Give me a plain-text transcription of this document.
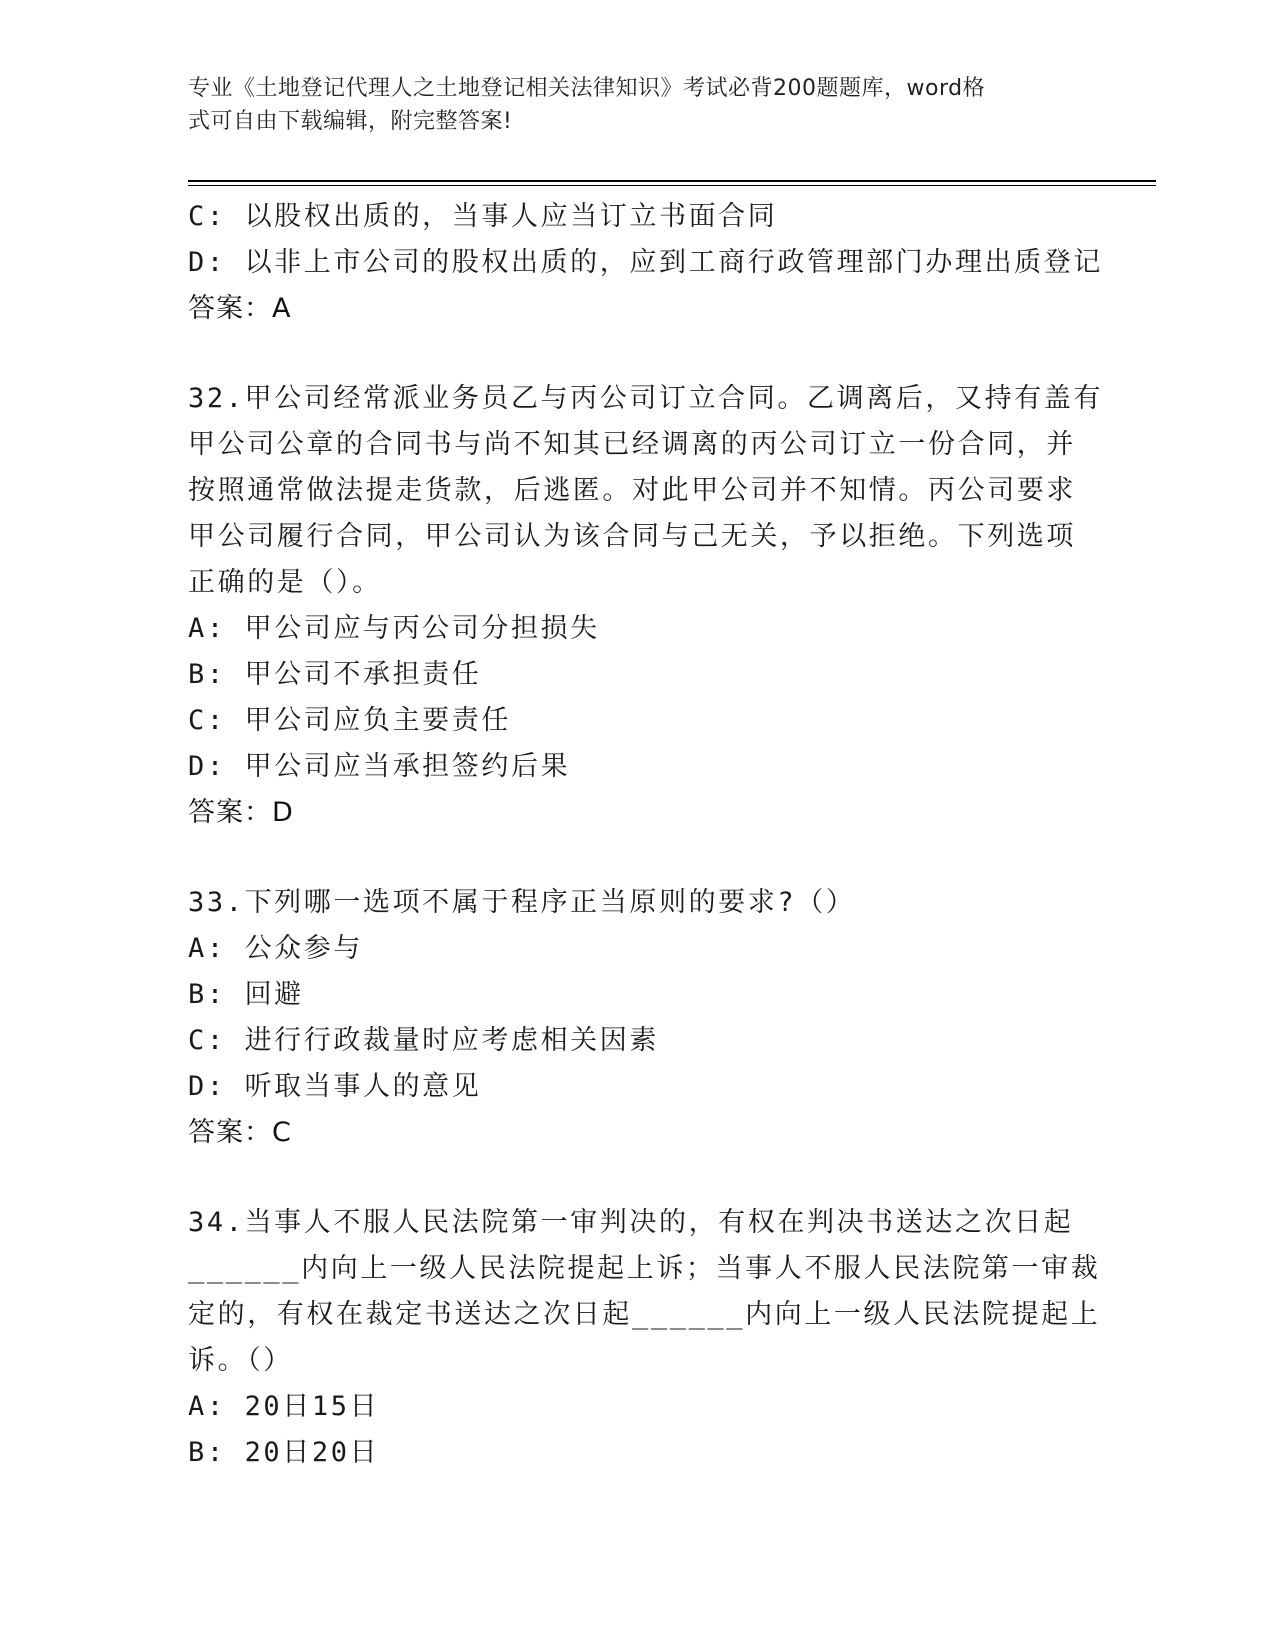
专业《土地登记代理人之土地登记相关法律知识》考试必背200题题库，word格
式可自由下载编辑，附完整答案!
C: 以股权出质的，当事人应当订立书面合同
D: 以非上市公司的股权出质的，应到工商行政管理部门办理出质登记
答案：A
32.甲公司经常派业务员乙与丙公司订立合同。乙调离后，又持有盖有
甲公司公章的合同书与尚不知其已经调离的丙公司订立一份合同，并
按照通常做法提走货款，后逃匿。对此甲公司并不知情。丙公司要求
甲公司履行合同，甲公司认为该合同与己无关，予以拒绝。下列选项
正确的是（）。
A: 甲公司应与丙公司分担损失
B: 甲公司不承担责任
C: 甲公司应负主要责任
D: 甲公司应当承担签约后果
答案：D
33.下列哪一选项不属于程序正当原则的要求?（）
A: 公众参与
B: 回避
C: 进行行政裁量时应考虑相关因素
D: 听取当事人的意见
答案：C
34.当事人不服人民法院第一审判决的，有权在判决书送达之次日起
______内向上一级人民法院提起上诉；当事人不服人民法院第一审裁
定的，有权在裁定书送达之次日起______内向上一级人民法院提起上
诉。（）
A: 20日15日
B: 20日20日
